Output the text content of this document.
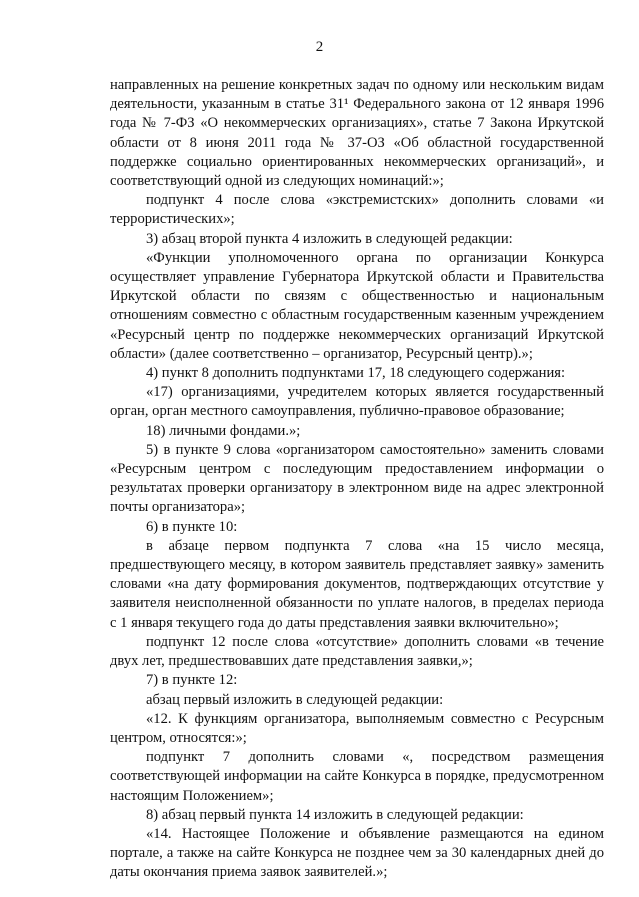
2

направленных на решение конкретных задач по одному или нескольким видам деятельности, указанным в статье 31¹ Федерального закона от 12 января 1996 года № 7-ФЗ «О некоммерческих организациях», статье 7 Закона Иркутской области от 8 июня 2011 года № 37-ОЗ «Об областной государственной поддержке социально ориентированных некоммерческих организаций», и соответствующий одной из следующих номинаций:»;

подпункт 4 после слова «экстремистских» дополнить словами «и террористических»;

3) абзац второй пункта 4 изложить в следующей редакции:

«Функции уполномоченного органа по организации Конкурса осуществляет управление Губернатора Иркутской области и Правительства Иркутской области по связям с общественностью и национальным отношениям совместно с областным государственным казенным учреждением «Ресурсный центр по поддержке некоммерческих организаций Иркутской области» (далее соответственно – организатор, Ресурсный центр).»;

4) пункт 8 дополнить подпунктами 17, 18 следующего содержания:

«17) организациями, учредителем которых является государственный орган, орган местного самоуправления, публично-правовое образование;

18) личными фондами.»;

5) в пункте 9 слова «организатором самостоятельно» заменить словами «Ресурсным центром с последующим предоставлением информации о результатах проверки организатору в электронном виде на адрес электронной почты организатора»;

6) в пункте 10:

в абзаце первом подпункта 7 слова «на 15 число месяца, предшествующего месяцу, в котором заявитель представляет заявку» заменить словами «на дату формирования документов, подтверждающих отсутствие у заявителя неисполненной обязанности по уплате налогов, в пределах периода с 1 января текущего года до даты представления заявки включительно»;

подпункт 12 после слова «отсутствие» дополнить словами «в течение двух лет, предшествовавших дате представления заявки,»;

7) в пункте 12:

абзац первый изложить в следующей редакции:

«12. К функциям организатора, выполняемым совместно с Ресурсным центром, относятся:»;

подпункт 7 дополнить словами «, посредством размещения соответствующей информации на сайте Конкурса в порядке, предусмотренном настоящим Положением»;

8) абзац первый пункта 14 изложить в следующей редакции:

«14. Настоящее Положение и объявление размещаются на едином портале, а также на сайте Конкурса не позднее чем за 30 календарных дней до даты окончания приема заявок заявителей.»;
